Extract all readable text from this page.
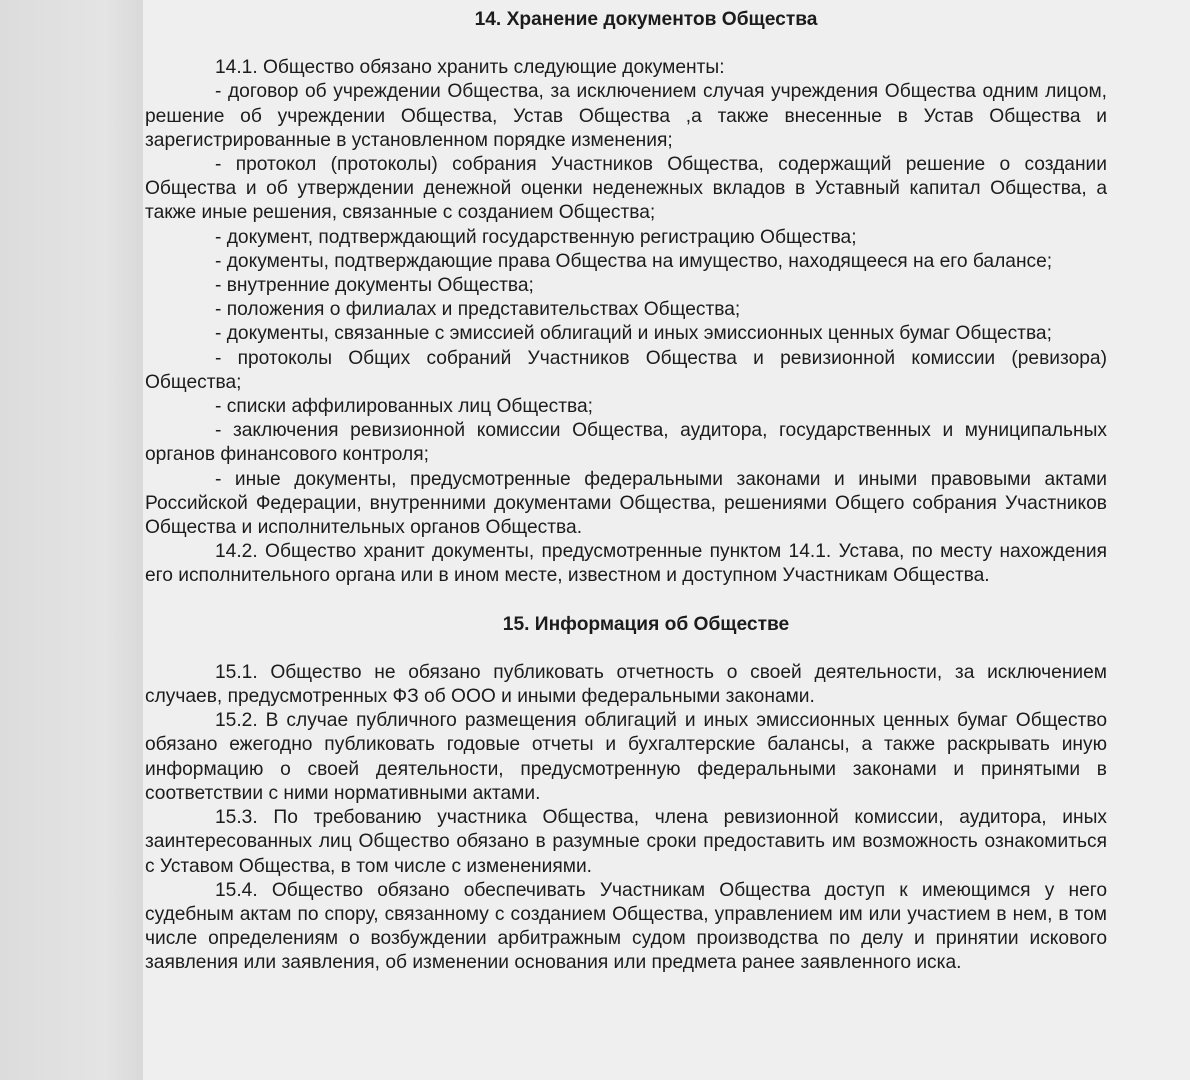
14. Хранение документов Общества

14.1. Общество обязано хранить следующие документы:

- договор об учреждении Общества, за исключением случая учреждения Общества одним лицом, решение об учреждении Общества, Устав Общества ,а также внесенные в Устав Общества и зарегистрированные в установленном порядке изменения;

- протокол (протоколы) собрания Участников Общества, содержащий решение о создании Общества и об утверждении денежной оценки неденежных вкладов в Уставный капитал Общества, а также иные решения, связанные с созданием Общества;

- документ, подтверждающий государственную регистрацию Общества;

- документы, подтверждающие права Общества на имущество, находящееся на его балансе;

- внутренние документы Общества;

- положения о филиалах и представительствах Общества;

- документы, связанные с эмиссией облигаций и иных эмиссионных ценных бумаг Общества;

- протоколы Общих собраний Участников Общества и ревизионной комиссии (ревизора) Общества;

- списки аффилированных лиц Общества;

- заключения ревизионной комиссии Общества, аудитора, государственных и муниципальных органов финансового контроля;

- иные документы, предусмотренные федеральными законами и иными правовыми актами Российской Федерации, внутренними документами Общества, решениями Общего собрания Участников Общества и исполнительных органов Общества.

14.2. Общество хранит документы, предусмотренные пунктом 14.1. Устава, по месту нахождения его исполнительного органа или в ином месте, известном и доступном Участникам Общества.

15. Информация об Обществе

15.1. Общество не обязано публиковать отчетность о своей деятельности, за исключением случаев, предусмотренных ФЗ об ООО и иными федеральными законами.

15.2. В случае публичного размещения облигаций и иных эмиссионных ценных бумаг Общество обязано ежегодно публиковать годовые отчеты и бухгалтерские балансы, а также раскрывать иную информацию о своей деятельности, предусмотренную федеральными законами и принятыми в соответствии с ними нормативными актами.

15.3. По требованию участника Общества, члена ревизионной комиссии, аудитора, иных заинтересованных лиц Общество обязано в разумные сроки предоставить им возможность ознакомиться с Уставом Общества, в том числе с изменениями.

15.4. Общество обязано обеспечивать Участникам Общества доступ к имеющимся у него судебным актам по спору, связанному с созданием Общества, управлением им или участием в нем, в том числе определениям о возбуждении арбитражным судом производства по делу и принятии искового заявления или заявления, об изменении основания или предмета ранее заявленного иска.
